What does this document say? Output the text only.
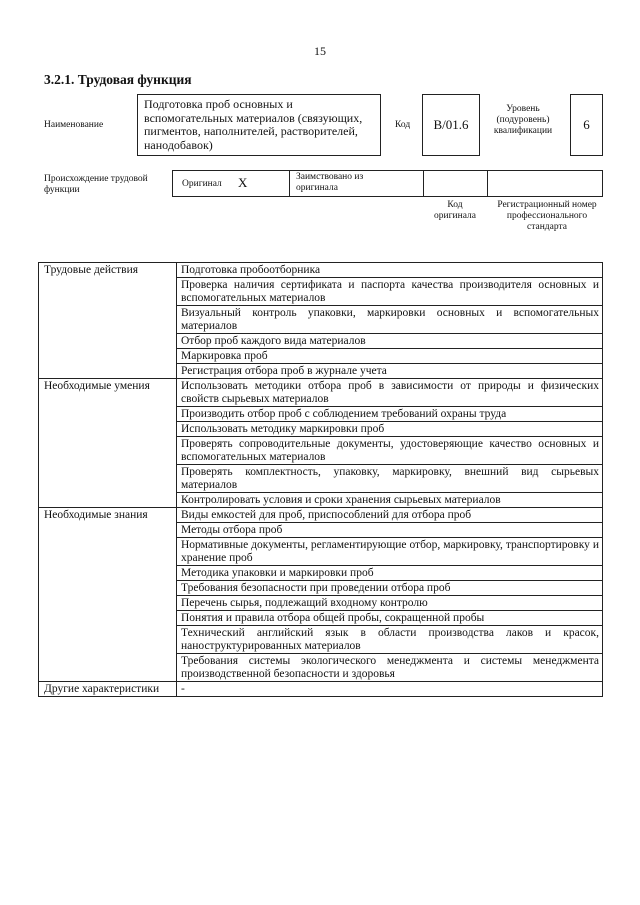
15
3.2.1. Трудовая функция
Наименование
Подготовка проб основных и вспомогательных материалов (связующих, пигментов, наполнителей, растворителей, нанодобавок)
Код B/01.6
Уровень (подуровень) квалификации	6
Происхождение трудовой функции
Оригинал X	Заимствовано из оригинала
Код оригинала
Регистрационный номер профессионального стандарта
Трудовые действия	Подготовка пробоотборника
	Проверка наличия сертификата и паспорта качества производителя основных и вспомогательных материалов
	Визуальный контроль упаковки, маркировки основных и вспомогательных материалов
	Отбор проб каждого вида материалов
	Маркировка проб
	Регистрация отбора проб в журнале учета
Необходимые умения	Использовать методики отбора проб в зависимости от природы и физических свойств сырьевых материалов
	Производить отбор проб с соблюдением требований охраны труда
	Использовать методику маркировки проб
	Проверять сопроводительные документы, удостоверяющие качество основных и вспомогательных материалов
	Проверять комплектность, упаковку, маркировку, внешний вид сырьевых материалов
	Контролировать условия и сроки хранения сырьевых материалов
Необходимые знания	Виды емкостей для проб, приспособлений для отбора проб
	Методы отбора проб
	Нормативные документы, регламентирующие отбор, маркировку, транспортировку и хранение проб
	Методика упаковки и маркировки проб
	Требования безопасности при проведении отбора проб
	Перечень сырья, подлежащий входному контролю
	Понятия и правила отбора общей пробы, сокращенной пробы
	Технический английский язык в области производства лаков и красок, наноструктурированных материалов
	Требования системы экологического менеджмента и системы менеджмента производственной безопасности и здоровья
Другие характеристики	-
